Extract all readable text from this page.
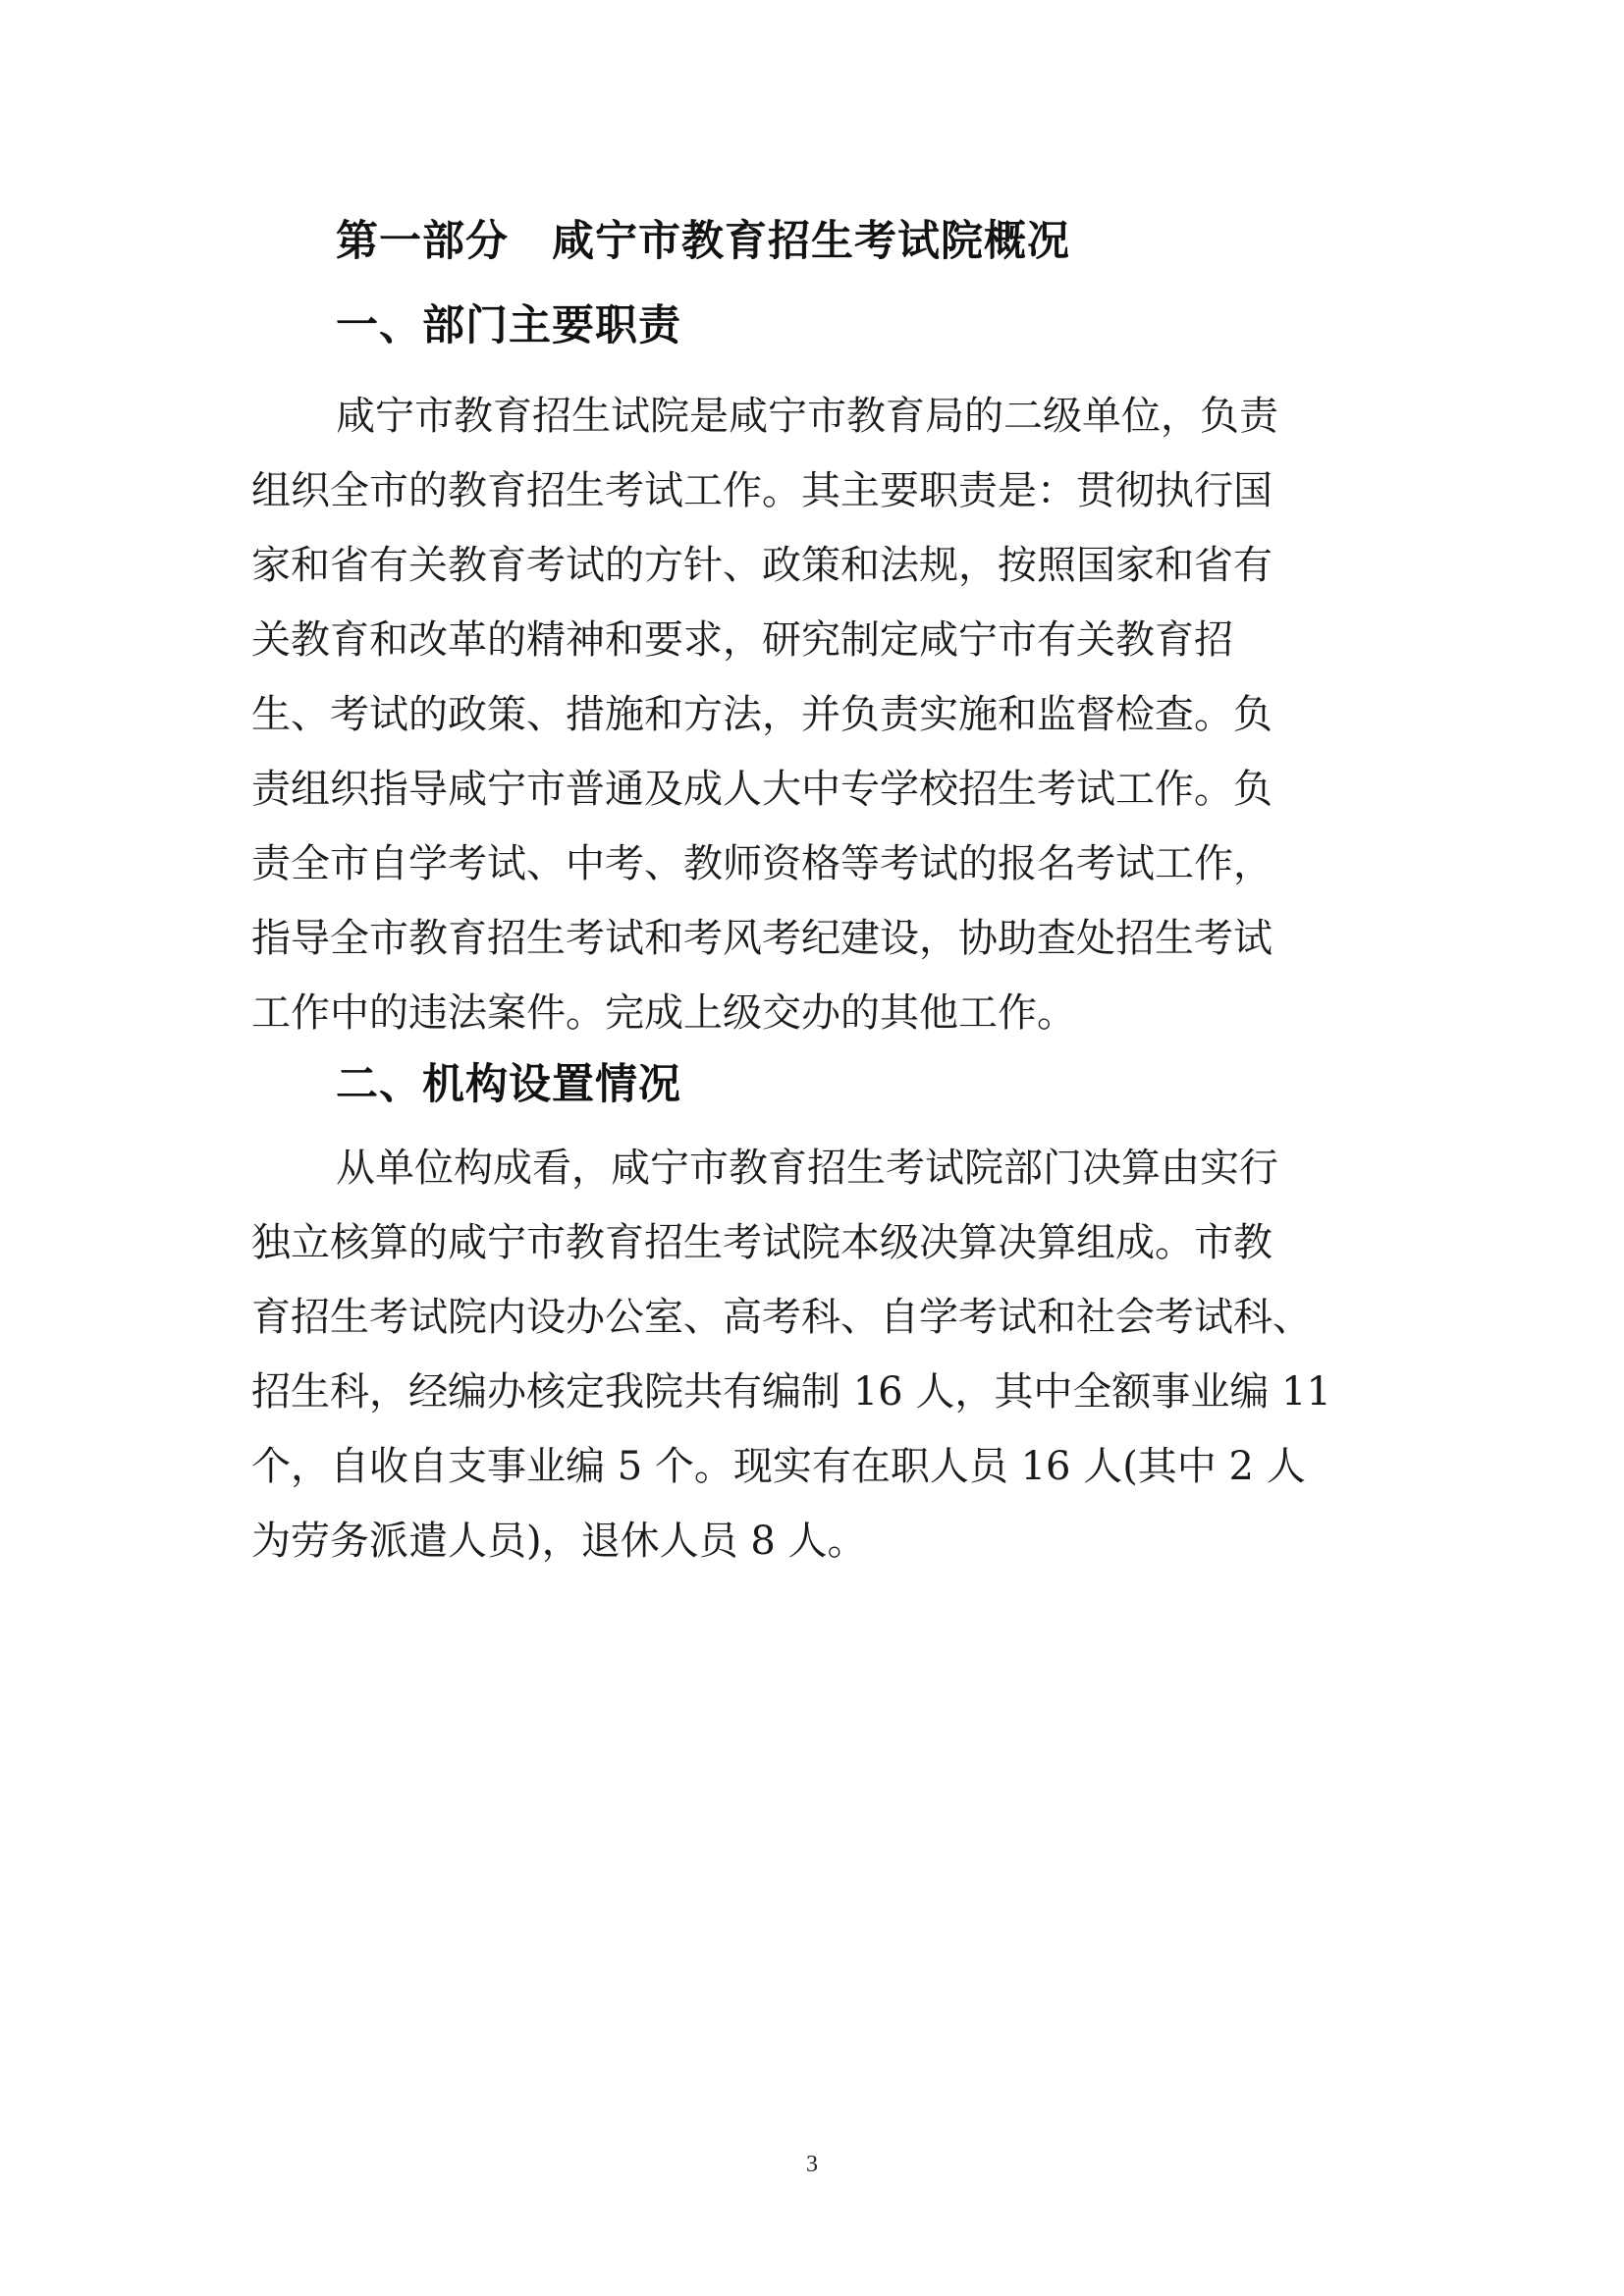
第一部分　咸宁市教育招生考试院概况
一、部门主要职责
咸宁市教育招生试院是咸宁市教育局的二级单位，负责
组织全市的教育招生考试工作。其主要职责是：贯彻执行国
家和省有关教育考试的方针、政策和法规，按照国家和省有
关教育和改革的精神和要求，研究制定咸宁市有关教育招
生、考试的政策、措施和方法，并负责实施和监督检查。负
责组织指导咸宁市普通及成人大中专学校招生考试工作。负
责全市自学考试、中考、教师资格等考试的报名考试工作，
指导全市教育招生考试和考风考纪建设，协助查处招生考试
工作中的违法案件。完成上级交办的其他工作。
二、机构设置情况
从单位构成看，咸宁市教育招生考试院部门决算由实行
独立核算的咸宁市教育招生考试院本级决算决算组成。市教
育招生考试院内设办公室、高考科、自学考试和社会考试科、
招生科，经编办核定我院共有编制 16 人，其中全额事业编 11
个，自收自支事业编 5 个。现实有在职人员 16 人(其中 2 人
为劳务派遣人员)，退休人员 8 人。
3
